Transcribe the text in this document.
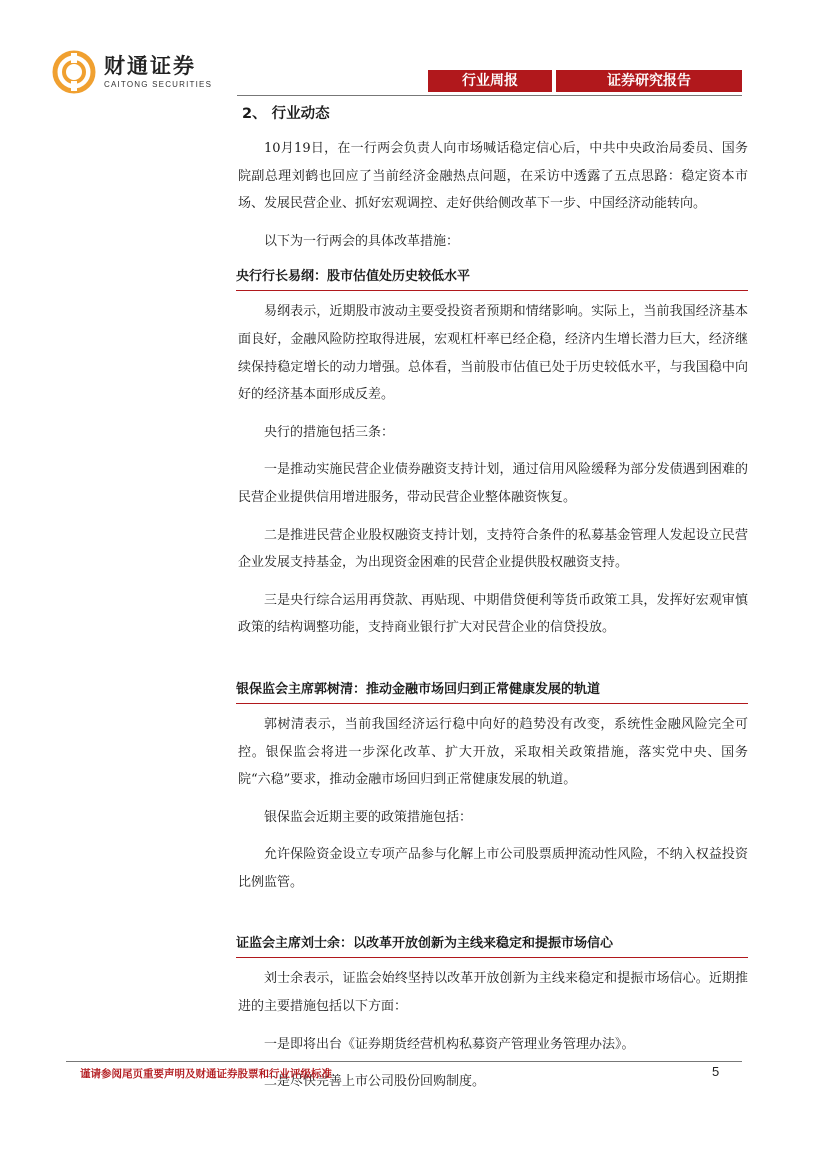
财通证券
CAITONG SECURITIES	行业周报	证券研究报告
2、 行业动态

10月19日，在一行两会负责人向市场喊话稳定信心后，中共中央政治局委员、国务院副总理刘鹤也回应了当前经济金融热点问题，在采访中透露了五点思路：稳定资本市场、发展民营企业、抓好宏观调控、走好供给侧改革下一步、中国经济动能转向。

以下为一行两会的具体改革措施：

央行行长易纲：股市估值处历史较低水平

易纲表示，近期股市波动主要受投资者预期和情绪影响。实际上，当前我国经济基本面良好，金融风险防控取得进展，宏观杠杆率已经企稳，经济内生增长潜力巨大，经济继续保持稳定增长的动力增强。总体看，当前股市估值已处于历史较低水平，与我国稳中向好的经济基本面形成反差。

央行的措施包括三条：

一是推动实施民营企业债券融资支持计划，通过信用风险缓释为部分发债遇到困难的民营企业提供信用增进服务，带动民营企业整体融资恢复。

二是推进民营企业股权融资支持计划，支持符合条件的私募基金管理人发起设立民营企业发展支持基金，为出现资金困难的民营企业提供股权融资支持。

三是央行综合运用再贷款、再贴现、中期借贷便利等货币政策工具，发挥好宏观审慎政策的结构调整功能，支持商业银行扩大对民营企业的信贷投放。

银保监会主席郭树清：推动金融市场回归到正常健康发展的轨道

郭树清表示，当前我国经济运行稳中向好的趋势没有改变，系统性金融风险完全可控。银保监会将进一步深化改革、扩大开放，采取相关政策措施，落实党中央、国务院“六稳”要求，推动金融市场回归到正常健康发展的轨道。

银保监会近期主要的政策措施包括：

允许保险资金设立专项产品参与化解上市公司股票质押流动性风险，不纳入权益投资比例监管。

证监会主席刘士余：以改革开放创新为主线来稳定和提振市场信心

刘士余表示，证监会始终坚持以改革开放创新为主线来稳定和提振市场信心。近期推进的主要措施包括以下方面：

一是即将出台《证券期货经营机构私募资产管理业务管理办法》。

二是尽快完善上市公司股份回购制度。

谨请参阅尾页重要声明及财通证券股票和行业评级标准	5
